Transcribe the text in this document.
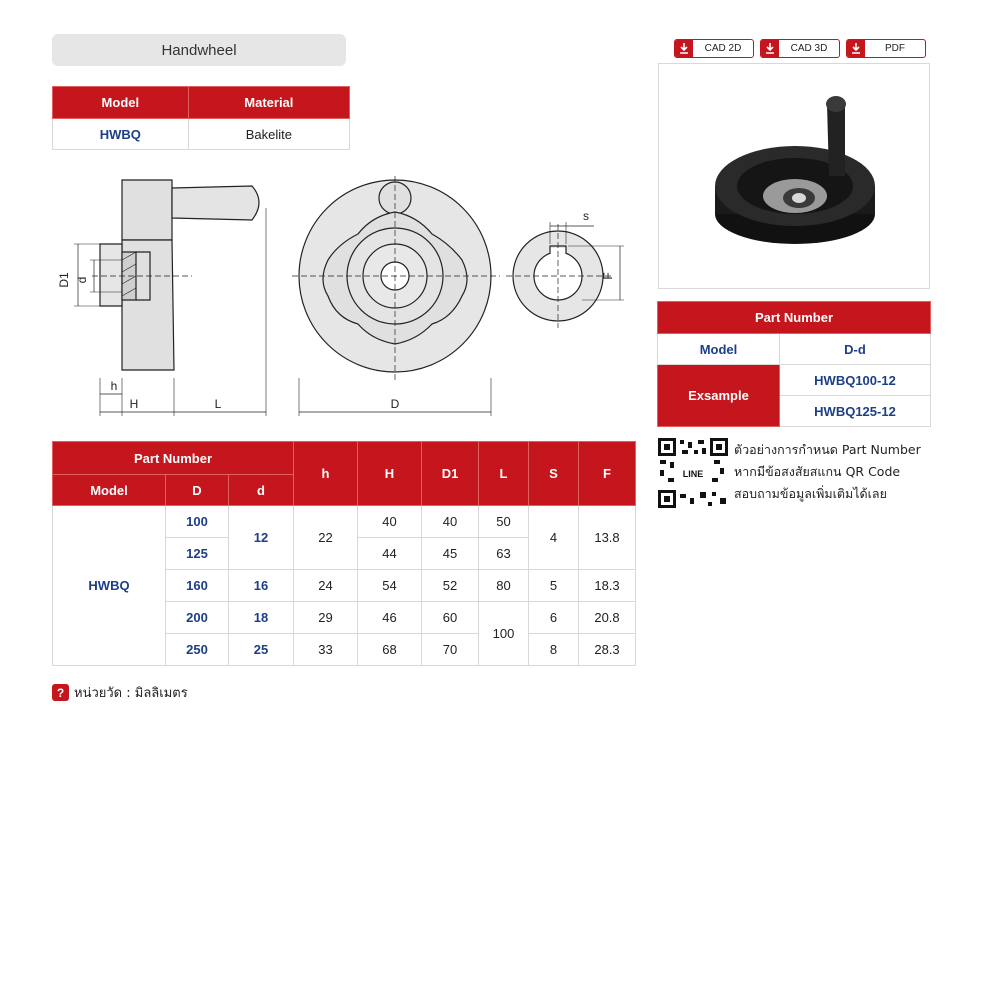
Handwheel
Model	Material
HWBQ	Bakelite
D1 d
h
H	L	D
s
F
CAD 2D	CAD 3D	PDF
Part Number	
Model	D-d
Exsample	HWBQ100-12
	HWBQ125-12
LINE
ตัวอย่างการกำหนด Part Number
หากมีข้อสงสัยสแกน QR Code
สอบถามข้อมูลเพิ่มเติมได้เลย
Part Number			h	H	D1	L	S	F
Model	D	d						
HWBQ	100	12	22	40	40	50	4	13.8
	125			44	45	63		
	160	16	24	54	52	80	5	18.3
	200	18	29	46	60	100	6	20.8
	250	25	33	68	70		8	28.3
? หน่วยวัด : มิลลิเมตร
